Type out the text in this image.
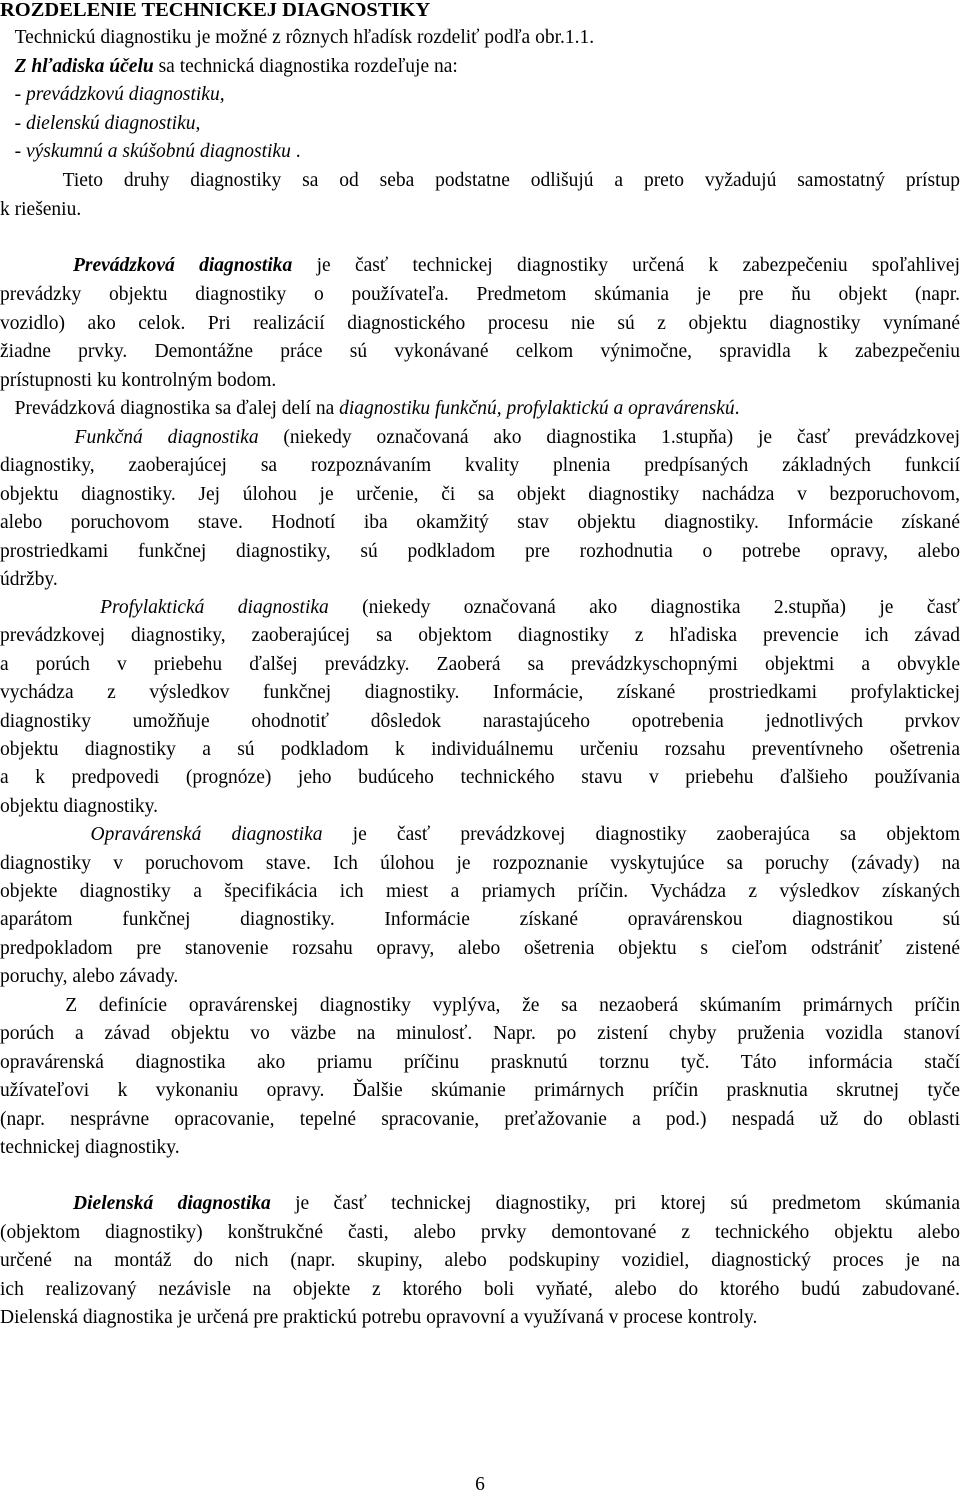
ROZDELENIE TECHNICKEJ DIAGNOSTIKY
Technickú diagnostiku je možné z rôznych hľadísk rozdeliť podľa obr.1.1.
Z hľadiska účelu sa technická diagnostika rozdeľuje na:
- prevádzkovú diagnostiku,
- dielenskú diagnostiku,
- výskumnú a skúšobnú diagnostiku .
Tieto druhy diagnostiky sa od seba podstatne odlišujú a preto vyžadujú samostatný prístup
k riešeniu.
Prevádzková diagnostika je časť technickej diagnostiky určená k zabezpečeniu spoľahlivej
prevádzky objektu diagnostiky o používateľa. Predmetom skúmania je pre ňu objekt (napr.
vozidlo) ako celok. Pri realizácií diagnostického procesu nie sú z objektu diagnostiky vynímané
žiadne prvky. Demontážne práce sú vykonávané celkom výnimočne, spravidla k zabezpečeniu
prístupnosti ku kontrolným bodom.
Prevádzková diagnostika sa ďalej delí na diagnostiku funkčnú, profylaktickú a opravárenskú.
Funkčná diagnostika (niekedy označovaná ako diagnostika 1.stupňa) je časť prevádzkovej
diagnostiky, zaoberajúcej sa rozpoznávaním kvality plnenia predpísaných základných funkcií
objektu diagnostiky. Jej úlohou je určenie, či sa objekt diagnostiky nachádza v bezporuchovom,
alebo poruchovom stave. Hodnotí iba okamžitý stav objektu diagnostiky. Informácie získané
prostriedkami funkčnej diagnostiky, sú podkladom pre rozhodnutia o potrebe opravy, alebo
údržby.
Profylaktická diagnostika (niekedy označovaná ako diagnostika 2.stupňa) je časť
prevádzkovej diagnostiky, zaoberajúcej sa objektom diagnostiky z hľadiska prevencie ich závad
a porúch v priebehu ďalšej prevádzky. Zaoberá sa prevádzkyschopnými objektmi a obvykle
vychádza z výsledkov funkčnej diagnostiky. Informácie, získané prostriedkami profylaktickej
diagnostiky umožňuje ohodnotiť dôsledok narastajúceho opotrebenia jednotlivých prvkov
objektu diagnostiky a sú podkladom k individuálnemu určeniu rozsahu preventívneho ošetrenia
a k predpovedi (prognóze) jeho budúceho technického stavu v priebehu ďalšieho používania
objektu diagnostiky.
Opravárenská diagnostika je časť prevádzkovej diagnostiky zaoberajúca sa objektom
diagnostiky v poruchovom stave. Ich úlohou je rozpoznanie vyskytujúce sa poruchy (závady) na
objekte diagnostiky a špecifikácia ich miest a priamych príčin. Vychádza z výsledkov získaných
aparátom funkčnej diagnostiky. Informácie získané opravárenskou diagnostikou sú
predpokladom pre stanovenie rozsahu opravy, alebo ošetrenia objektu s cieľom odstrániť zistené
poruchy, alebo závady.
Z definície opravárenskej diagnostiky vyplýva, že sa nezaoberá skúmaním primárnych príčin
porúch a závad objektu vo väzbe na minulosť. Napr. po zistení chyby pruženia vozidla stanoví
opravárenská diagnostika ako priamu príčinu prasknutú torznu tyč. Táto informácia stačí
užívateľovi k vykonaniu opravy. Ďalšie skúmanie primárnych príčin prasknutia skrutnej tyče
(napr. nesprávne opracovanie, tepelné spracovanie, preťažovanie a pod.) nespadá už do oblasti
technickej diagnostiky.
Dielenská diagnostika je časť technickej diagnostiky, pri ktorej sú predmetom skúmania
(objektom diagnostiky) konštrukčné časti, alebo prvky demontované z technického objektu alebo
určené na montáž do nich (napr. skupiny, alebo podskupiny vozidiel, diagnostický proces je na
ich realizovaný nezávisle na objekte z ktorého boli vyňaté, alebo do ktorého budú zabudované.
Dielenská diagnostika je určená pre praktickú potrebu opravovní a využívaná v procese kontroly.
6
